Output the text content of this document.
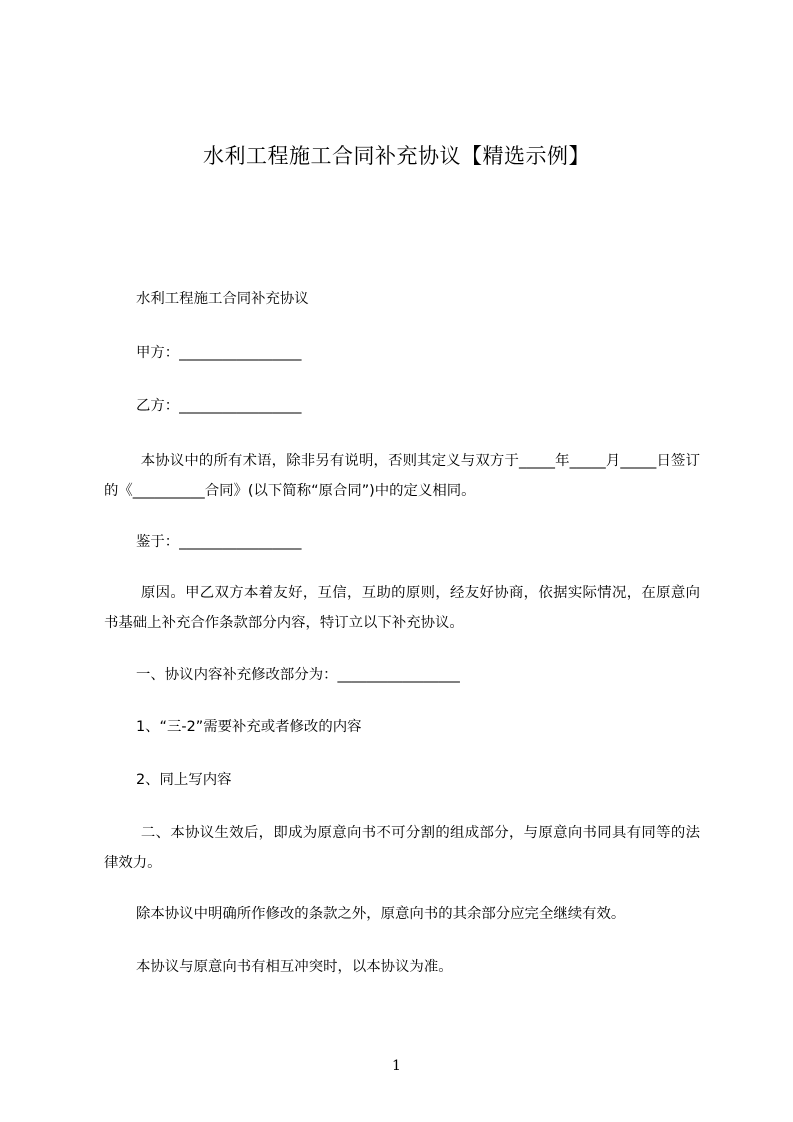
水利工程施工合同补充协议【精选示例】

水利工程施工合同补充协议

甲方：_________________

乙方：_________________

本协议中的所有术语，除非另有说明，否则其定义与双方于_____年_____月_____日签订的《__________合同》(以下简称“原合同”)中的定义相同。

鉴于：_________________

原因。甲乙双方本着友好，互信，互助的原则，经友好协商，依据实际情况，在原意向书基础上补充合作条款部分内容，特订立以下补充协议。

一、协议内容补充修改部分为：_________________

1、“三-2”需要补充或者修改的内容

2、同上写内容

二、本协议生效后，即成为原意向书不可分割的组成部分，与原意向书同具有同等的法律效力。

除本协议中明确所作修改的条款之外，原意向书的其余部分应完全继续有效。

本协议与原意向书有相互冲突时，以本协议为准。

1
